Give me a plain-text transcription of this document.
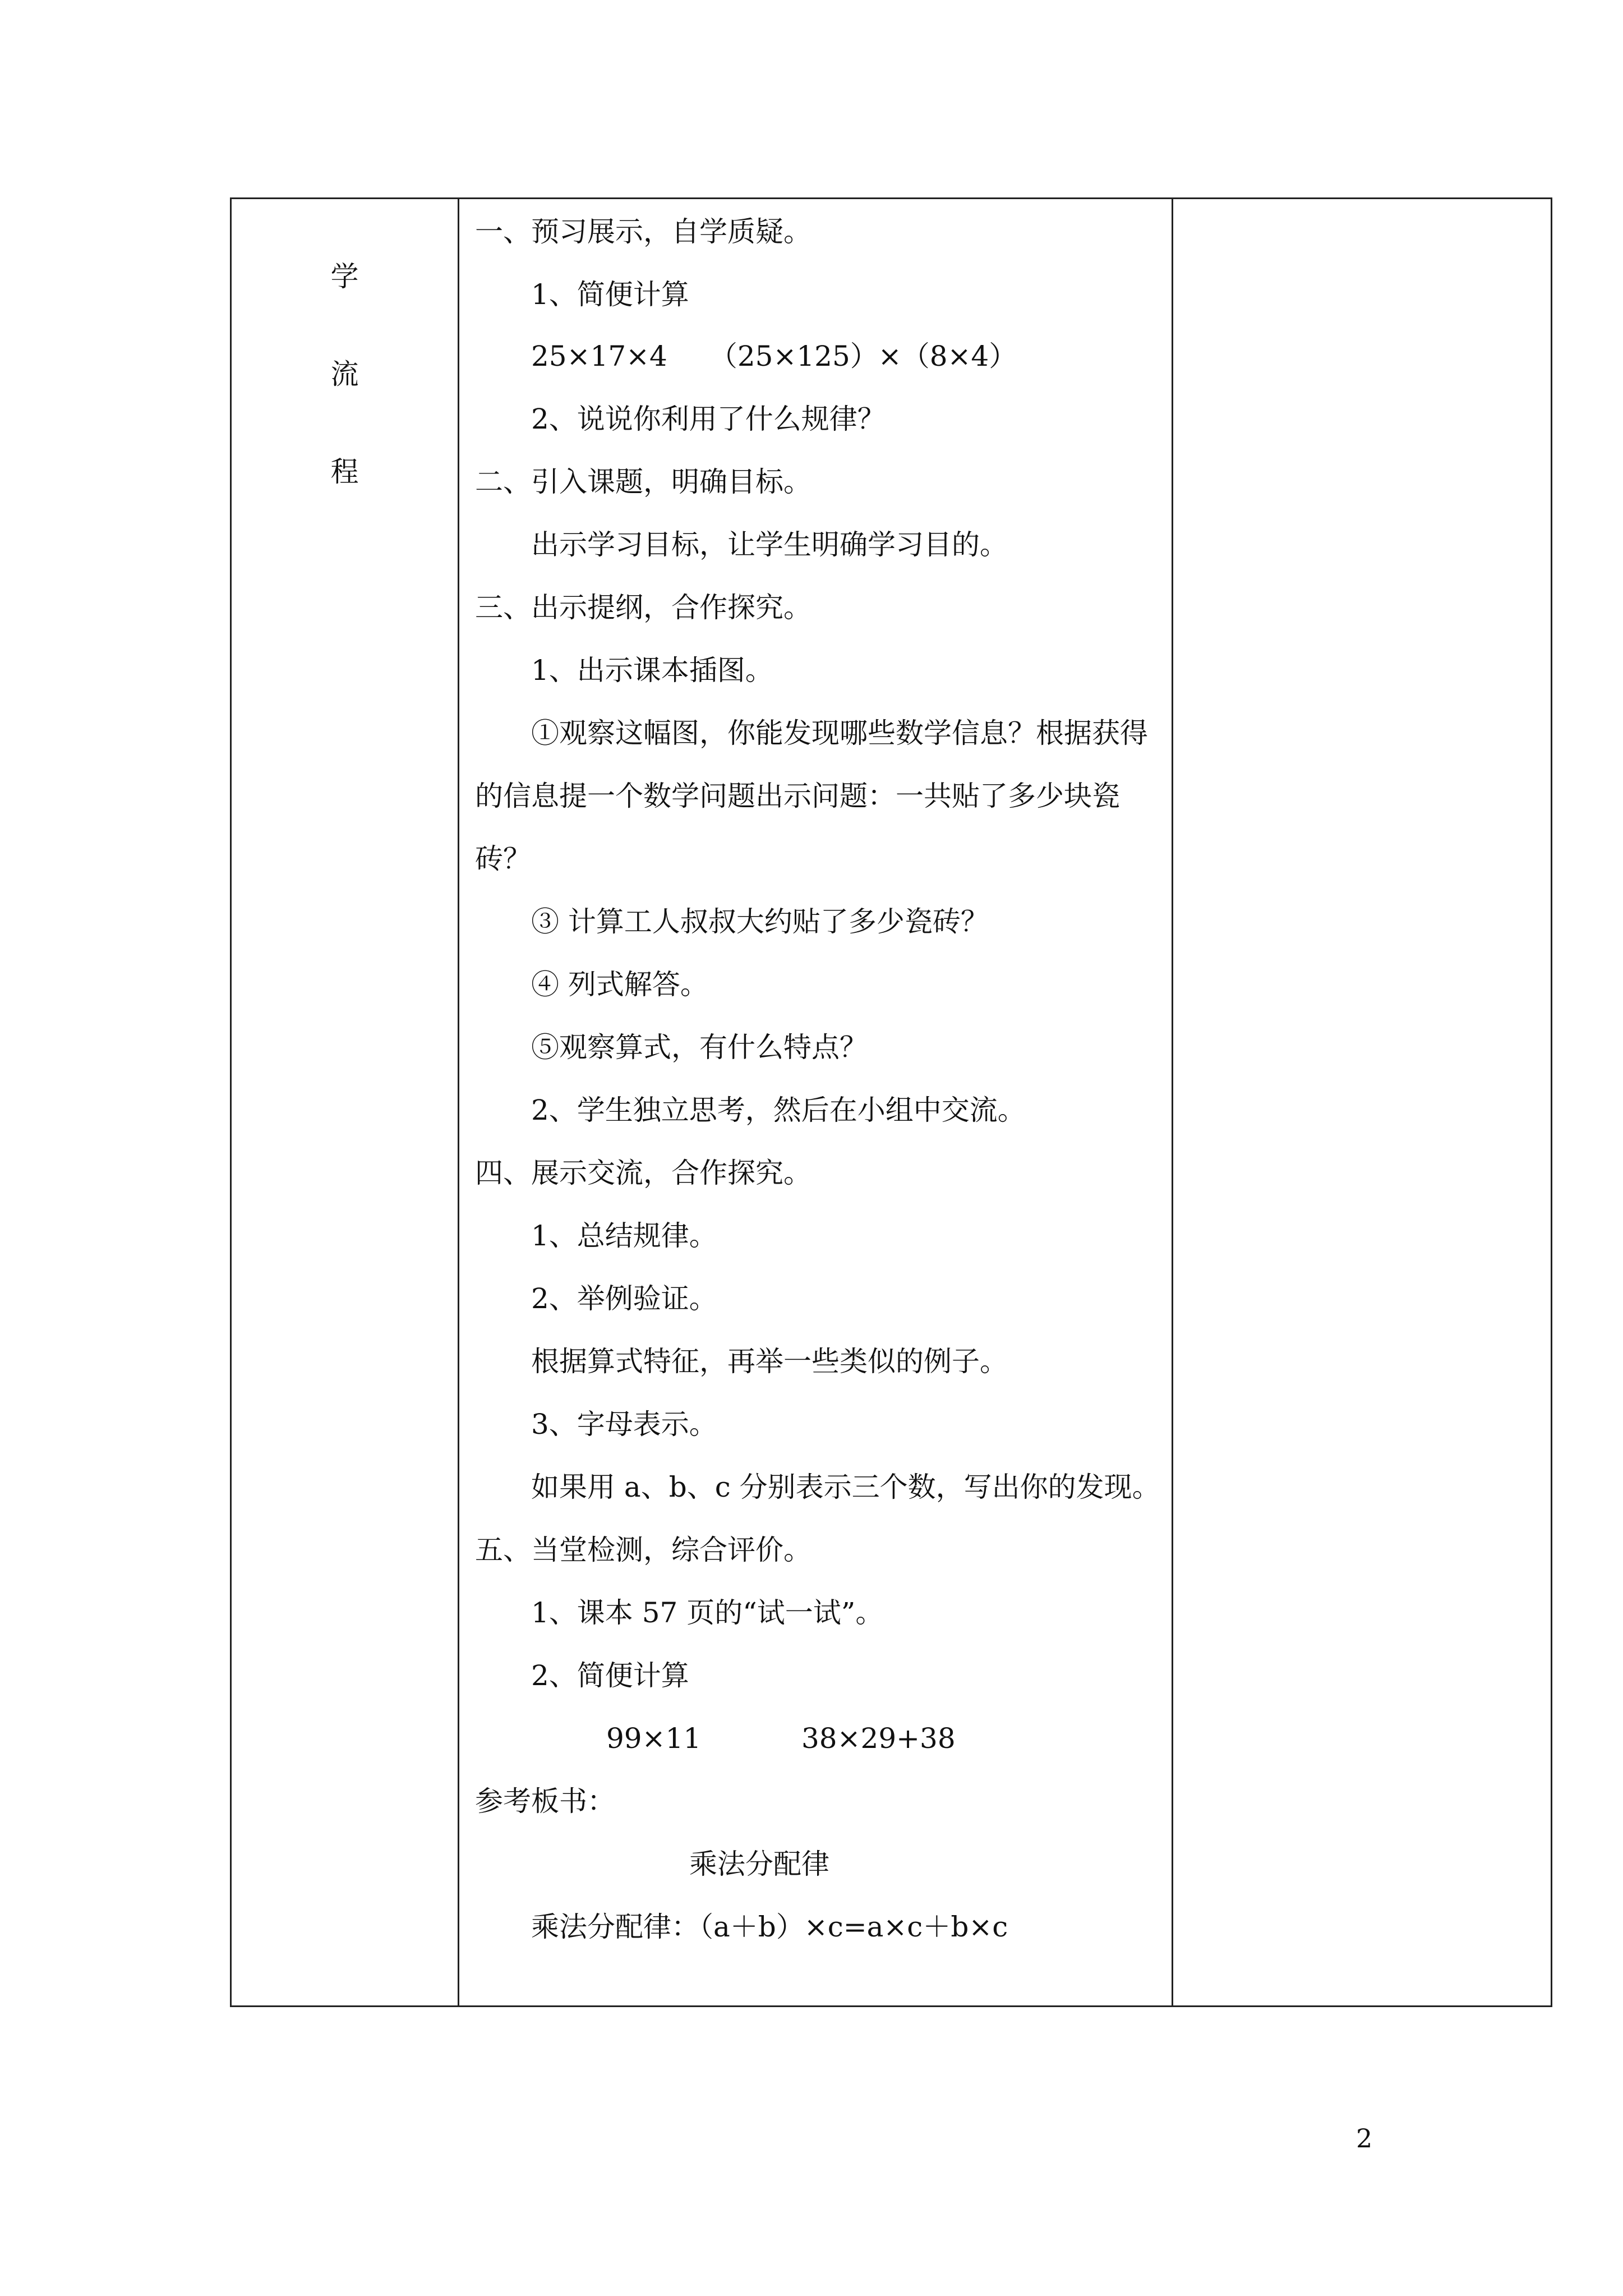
学
流
程
一、预习展示，自学质疑。
1、简便计算
25×17×4　　（25×125）×（8×4）
2、说说你利用了什么规律？
二、引入课题，明确目标。
出示学习目标，让学生明确学习目的。
三、出示提纲，合作探究。
1、出示课本插图。
①观察这幅图，你能发现哪些数学信息？根据获得
的信息提一个数学问题出示问题：一共贴了多少块瓷
砖？
③ 计算工人叔叔大约贴了多少瓷砖？
④ 列式解答。
⑤观察算式，有什么特点？
2、学生独立思考，然后在小组中交流。
四、展示交流，合作探究。
1、总结规律。
2、举例验证。
根据算式特征，再举一些类似的例子。
3、字母表示。
如果用 a、b、c 分别表示三个数，写出你的发现。
五、当堂检测，综合评价。
1、课本 57 页的“试一试”。
2、简便计算
99×11	38×29+38
参考板书：
乘法分配律
乘法分配律：（a＋b）×c=a×c＋b×c
2
